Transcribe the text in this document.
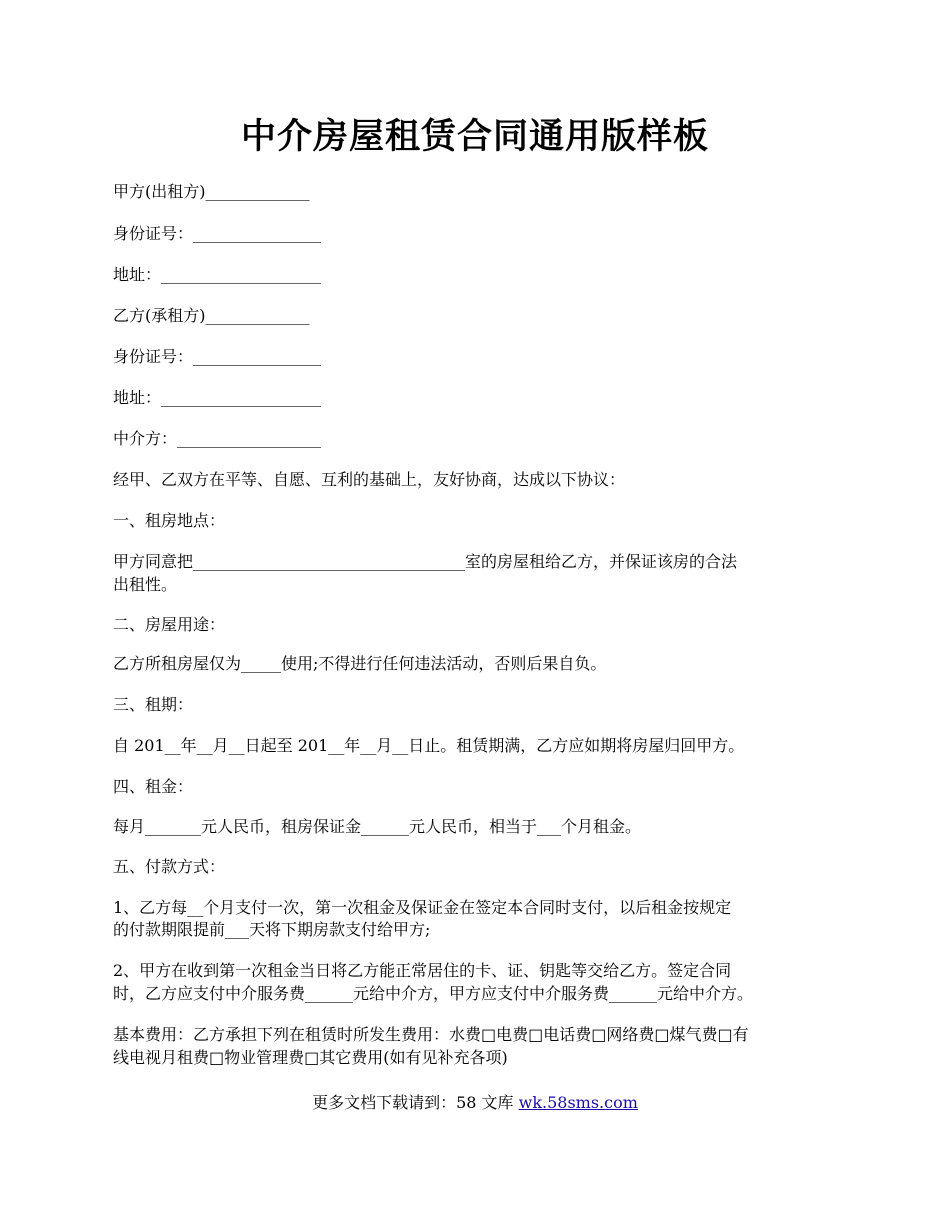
中介房屋租赁合同通用版样板
甲方(出租方)_____________
身份证号：________________
地址：____________________
乙方(承租方)_____________
身份证号：________________
地址：____________________
中介方：__________________
经甲、乙双方在平等、自愿、互利的基础上，友好协商，达成以下协议：
一、租房地点：
甲方同意把__________________________________室的房屋租给乙方，并保证该房的合法
出租性。
二、房屋用途：
乙方所租房屋仅为_____使用;不得进行任何违法活动，否则后果自负。
三、租期：
自 201__年__月__日起至 201__年__月__日止。租赁期满，乙方应如期将房屋归回甲方。
四、租金：
每月_______元人民币，租房保证金______元人民币，相当于___个月租金。
五、付款方式：
1、乙方每__个月支付一次，第一次租金及保证金在签定本合同时支付，以后租金按规定
的付款期限提前___天将下期房款支付给甲方;
2、甲方在收到第一次租金当日将乙方能正常居住的卡、证、钥匙等交给乙方。签定合同
时，乙方应支付中介服务费______元给中介方，甲方应支付中介服务费______元给中介方。
基本费用：乙方承担下列在租赁时所发生费用：水费□电费□电话费□网络费□煤气费□有
线电视月租费□物业管理费□其它费用(如有见补充各项)
更多文档下载请到：58 文库 wk.58sms.com
